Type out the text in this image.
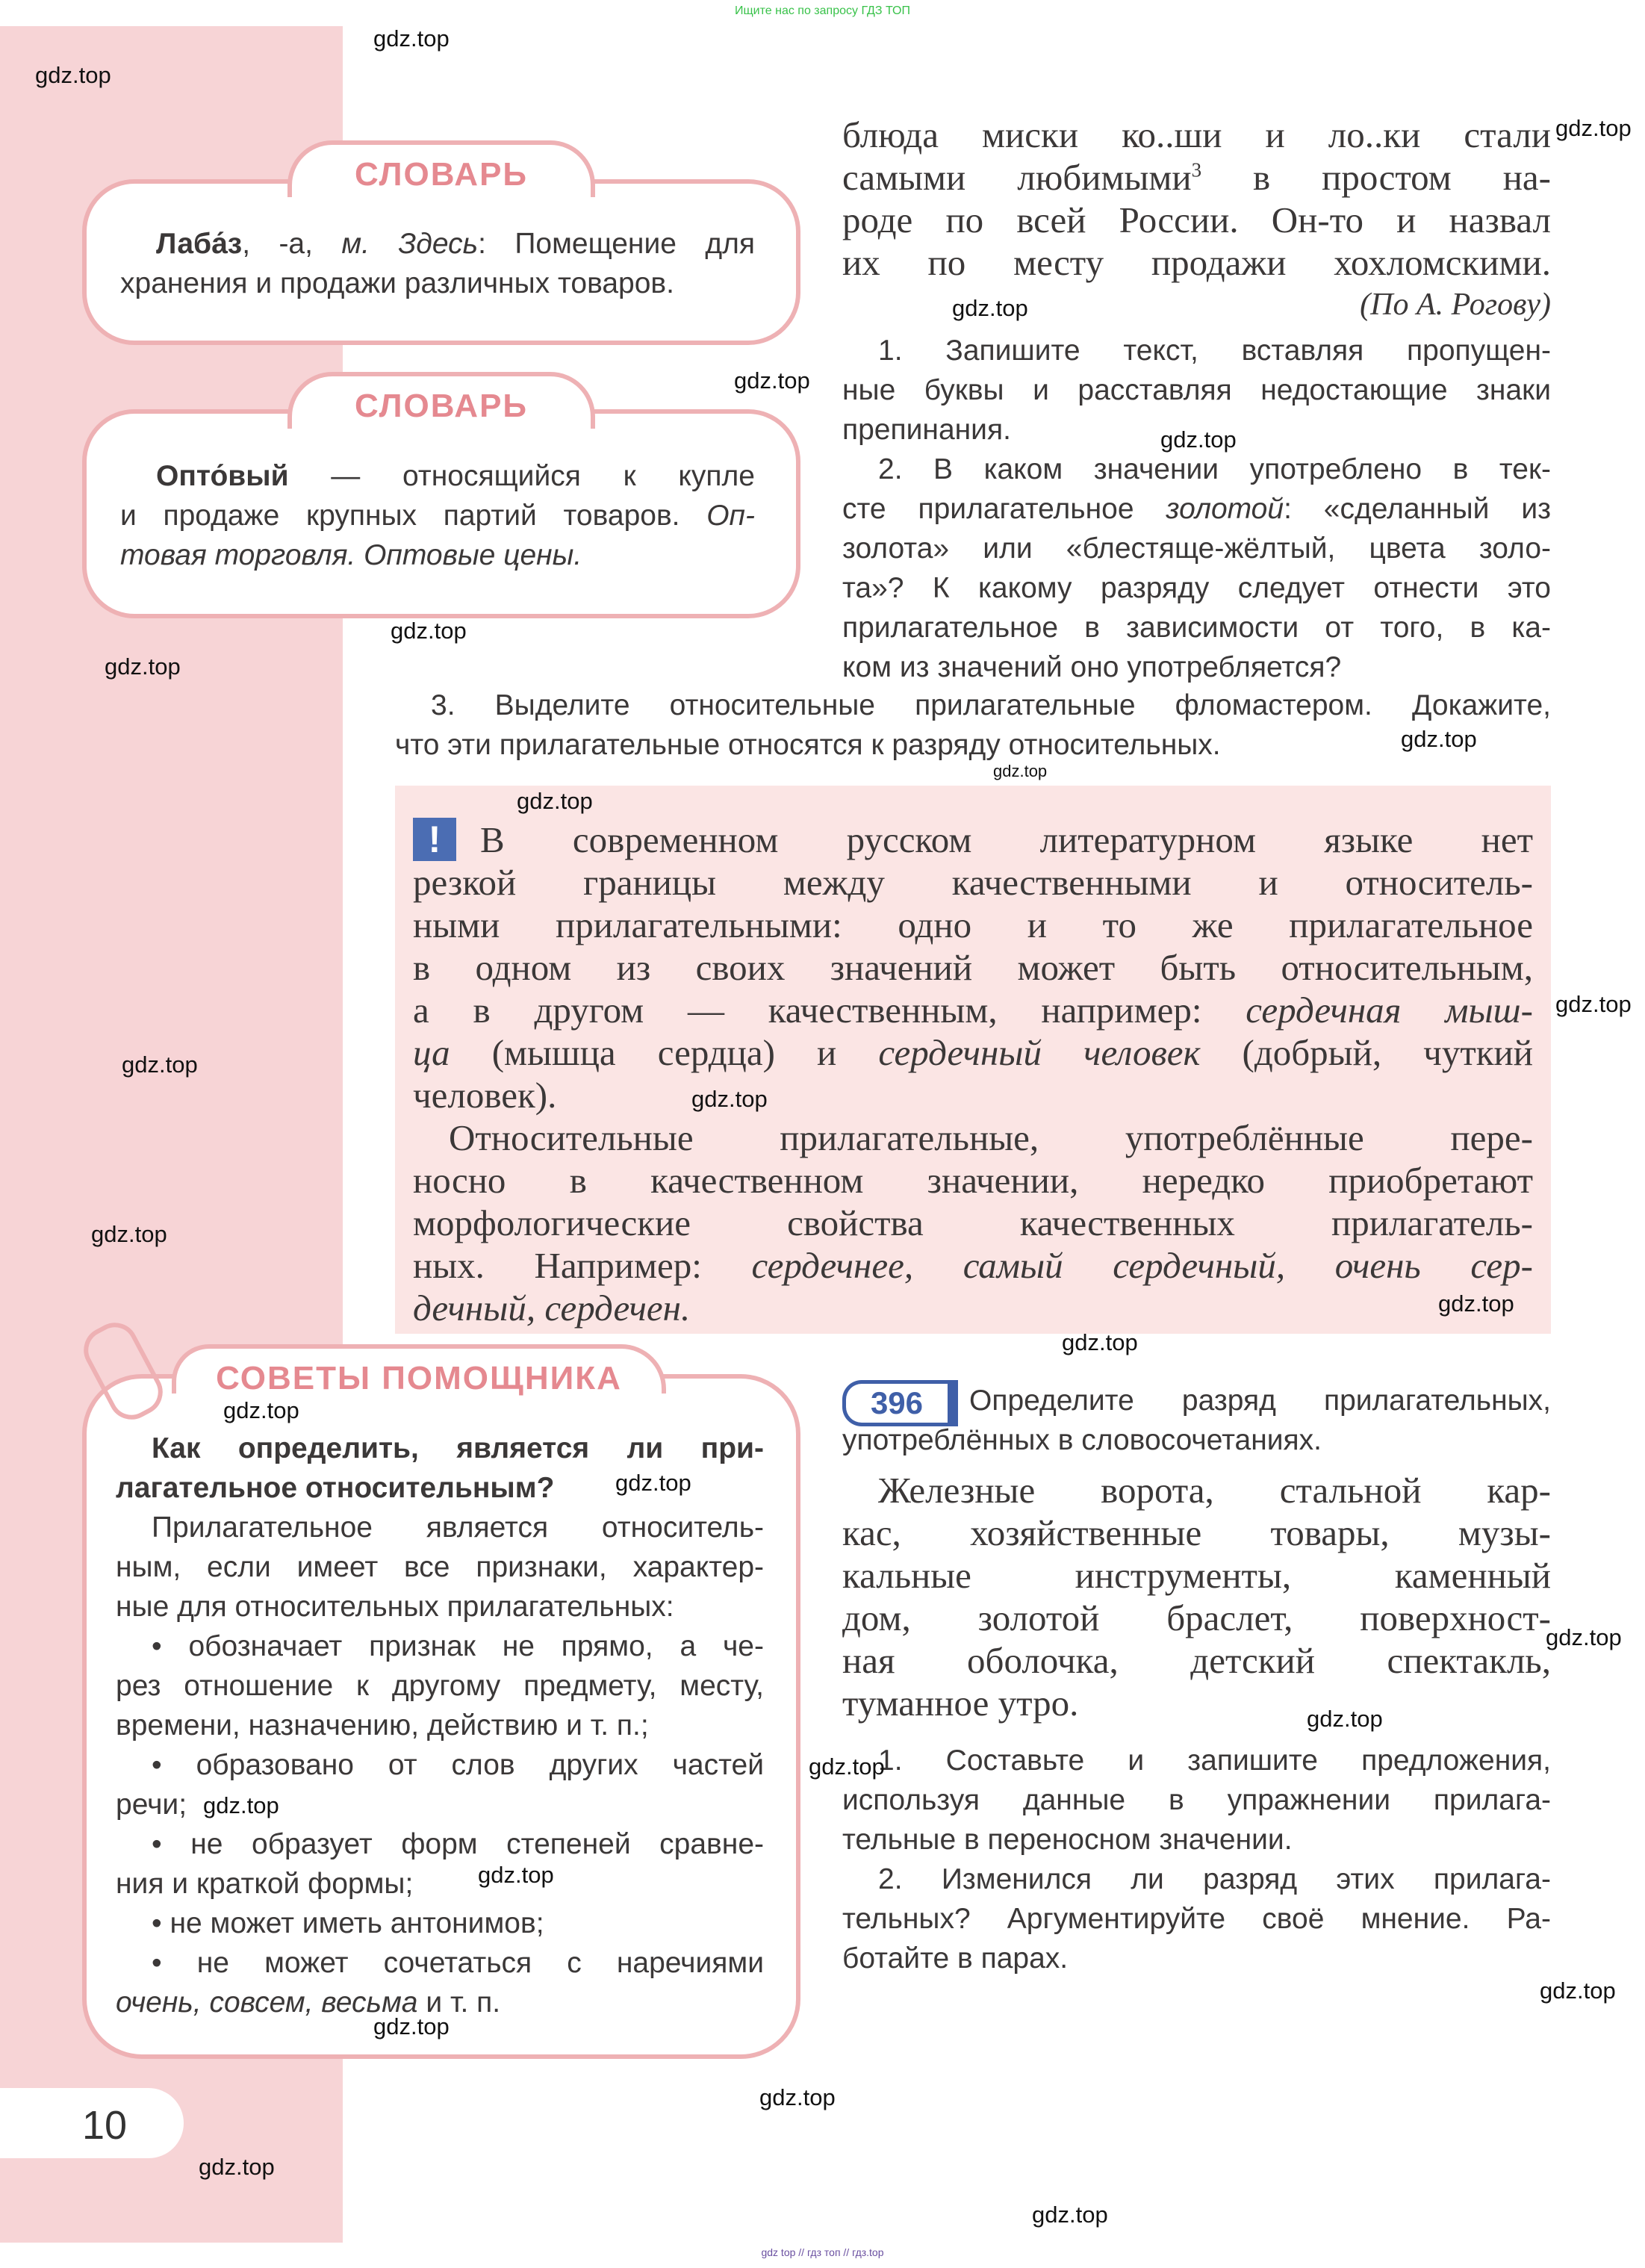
Ищите нас по запросу ГДЗ ТОП
СЛОВАРЬ
Лаба́з, -а, м. Здесь: Помещение для
хранения и продажи различных товаров.
СЛОВАРЬ
Опто́вый — относящийся к купле
и продаже крупных партий товаров. Оп-
товая торговля. Оптовые цены.
блюда миски ко..ши и ло..ки стали
самыми любимыми$^3$ в простом на-
роде по всей России. Он-то и назвал
их по месту продажи хохломскими.
(По А. Рогову)
1. Запишите текст, вставляя пропущен-
ные буквы и расставляя недостающие знаки
препинания.
2. В каком значении употреблено в тек-
сте прилагательное золотой: «сделанный из
золота» или «блестяще-жёлтый, цвета золо-
та»? К какому разряду следует отнести это
прилагательное в зависимости от того, в ка-
ком из значений оно употребляется?
3. Выделите относительные прилагательные фломастером. Докажите,
что эти прилагательные относятся к разряду относительных.
!	В современном русском литературном языке нет
резкой границы между качественными и относитель-
ными прилагательными: одно и то же прилагательное
в одном из своих значений может быть относительным,
а в другом — качественным, например: сердечная мыш-
ца (мышца сердца) и сердечный человек (добрый, чуткий
человек).
Относительные прилагательные, употреблённые пере-
носно в качественном значении, нередко приобретают
морфологические свойства качественных прилагатель-
ных. Например: сердечнее, самый сердечный, очень сер-
дечный, сердечен.
СОВЕТЫ ПОМОЩНИКА
Как определить, является ли при-
лагательное относительным?
Прилагательное является относитель-
ным, если имеет все признаки, характер-
ные для относительных прилагательных:
• обозначает признак не прямо, а че-
рез отношение к другому предмету, месту,
времени, назначению, действию и т. п.;
• образовано от слов других частей
речи;
• не образует форм степеней сравне-
ния и краткой формы;
• не может иметь антонимов;
• не может сочетаться с наречиями
очень, совсем, весьма и т. п.
396	Определите разряд прилагательных,
употреблённых в словосочетаниях.
Железные ворота, стальной кар-
кас, хозяйственные товары, музы-
кальные инструменты, каменный
дом, золотой браслет, поверхност-
ная оболочка, детский спектакль,
туманное утро.
1. Составьте и запишите предложения,
используя данные в упражнении прилага-
тельные в переносном значении.
2. Изменился ли разряд этих прилага-
тельных? Аргументируйте своё мнение. Ра-
ботайте в парах.
10
gdz.top
gdz.top
gdz.top
gdz.top
gdz.top
gdz.top
gdz.top
gdz.top
gdz.top
gdz.top
gdz.top
gdz.top
gdz.top
gdz.top
gdz.top
gdz.top
gdz.top
gdz.top
gdz.top
gdz.top
gdz.top
gdz.top
gdz.top
gdz.top
gdz.top
gdz.top
gdz.top
gdz.top
gdz.top
gdz top // гдз топ // гдз.top
